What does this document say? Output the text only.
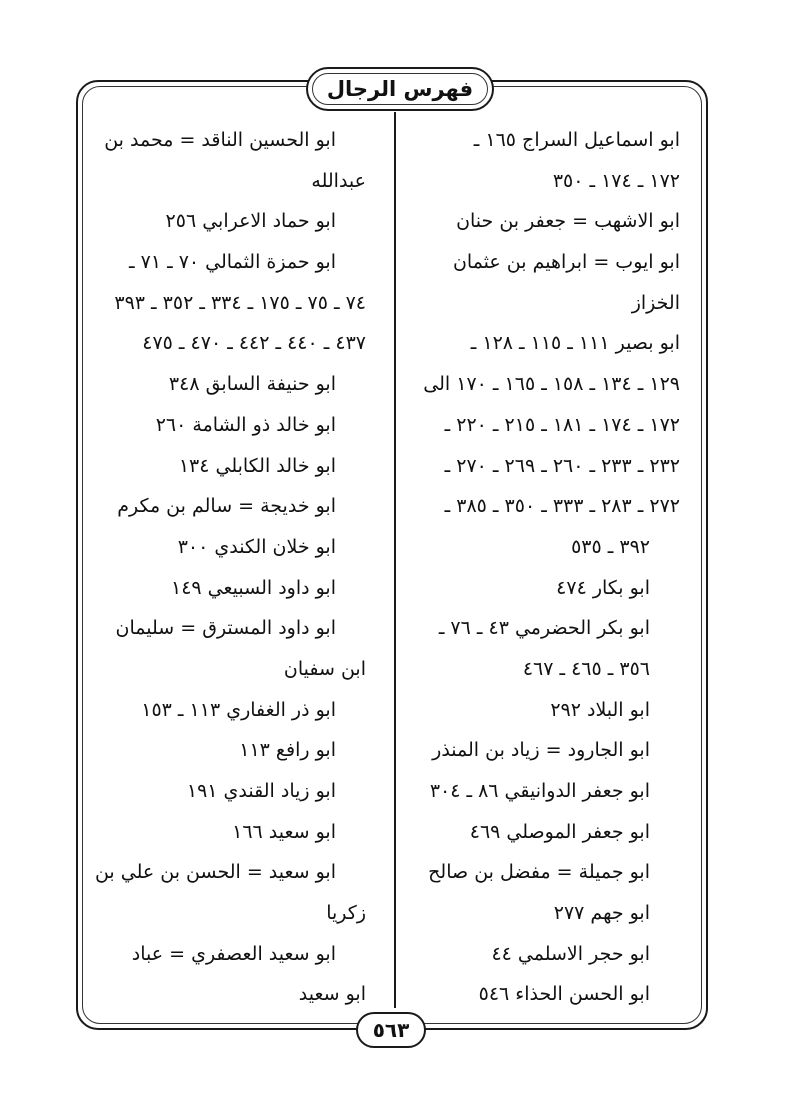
فهرس الرجال
ابو اسماعيل السراج ١٦٥ ـ
١٧٢ ـ ١٧٤ ـ ٣٥٠
ابو الاشهب = جعفر بن حنان
ابو ايوب = ابراهيم بن عثمان
الخزاز
ابو بصير ١١١ ـ ١١٥ ـ ١٢٨ ـ
١٢٩ ـ ١٣٤ ـ ١٥٨ ـ ١٦٥ ـ ١٧٠ الى
١٧٢ ـ ١٧٤ ـ ١٨١ ـ ٢١٥ ـ ٢٢٠ ـ
٢٣٢ ـ ٢٣٣ ـ ٢٦٠ ـ ٢٦٩ ـ ٢٧٠ ـ
٢٧٢ ـ ٢٨٣ ـ ٣٣٣ ـ ٣٥٠ ـ ٣٨٥ ـ
٣٩٢ ـ ٥٣٥
ابو بكار ٤٧٤
ابو بكر الحضرمي ٤٣ ـ ٧٦ ـ
٣٥٦ ـ ٤٦٥ ـ ٤٦٧
ابو البلاد ٢٩٢
ابو الجارود = زياد بن المنذر
ابو جعفر الدوانيقي ٨٦ ـ ٣٠٤
ابو جعفر الموصلي ٤٦٩
ابو جميلة = مفضل بن صالح
ابو جهم ٢٧٧
ابو حجر الاسلمي ٤٤
ابو الحسن الحذاء ٥٤٦
ابو الحسين الناقد = محمد بن
عبدالله
ابو حماد الاعرابي ٢٥٦
ابو حمزة الثمالي ٧٠ ـ ٧١ ـ
٧٤ ـ ٧٥ ـ ١٧٥ ـ ٣٣٤ ـ ٣٥٢ ـ ٣٩٣
٤٣٧ ـ ٤٤٠ ـ ٤٤٢ ـ ٤٧٠ ـ ٤٧٥
ابو حنيفة السابق ٣٤٨
ابو خالد ذو الشامة ٢٦٠
ابو خالد الكابلي ١٣٤
ابو خديجة = سالم بن مكرم
ابو خلان الكندي ٣٠٠
ابو داود السبيعي ١٤٩
ابو داود المسترق = سليمان
ابن سفيان
ابو ذر الغفاري ١١٣ ـ ١٥٣
ابو رافع ١١٣
ابو زياد القندي ١٩١
ابو سعيد ١٦٦
ابو سعيد = الحسن بن علي بن
زكريا
ابو سعيد العصفري = عباد
ابو سعيد
٥٦٣
